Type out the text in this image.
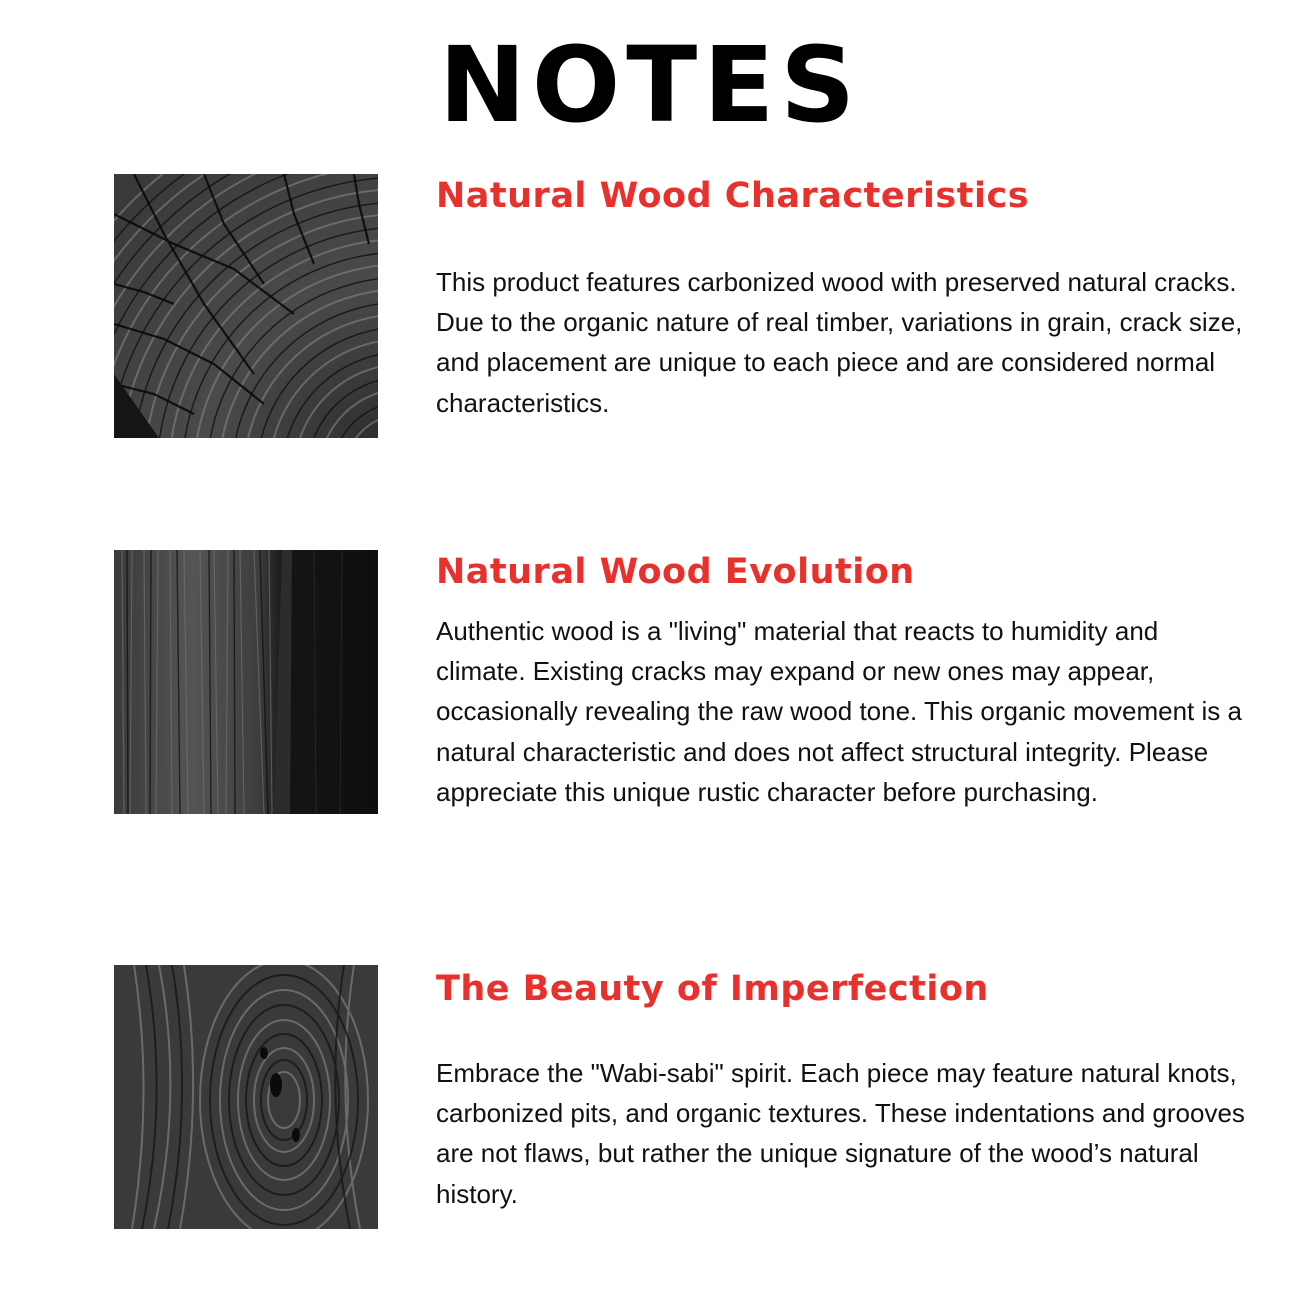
NOTES
Natural Wood Characteristics

This product features carbonized wood with preserved natural cracks. Due to the organic nature of real timber, variations in grain, crack size, and placement are unique to each piece and are considered normal characteristics.

Natural Wood Evolution

Authentic wood is a "living" material that reacts to humidity and climate. Existing cracks may expand or new ones may appear, occasionally revealing the raw wood tone. This organic movement is a natural characteristic and does not affect structural integrity. Please appreciate this unique rustic character before purchasing.

The Beauty of Imperfection

Embrace the "Wabi-sabi" spirit. Each piece may feature natural knots, carbonized pits, and organic textures. These indentations and grooves are not flaws, but rather the unique signature of the wood’s natural history.
